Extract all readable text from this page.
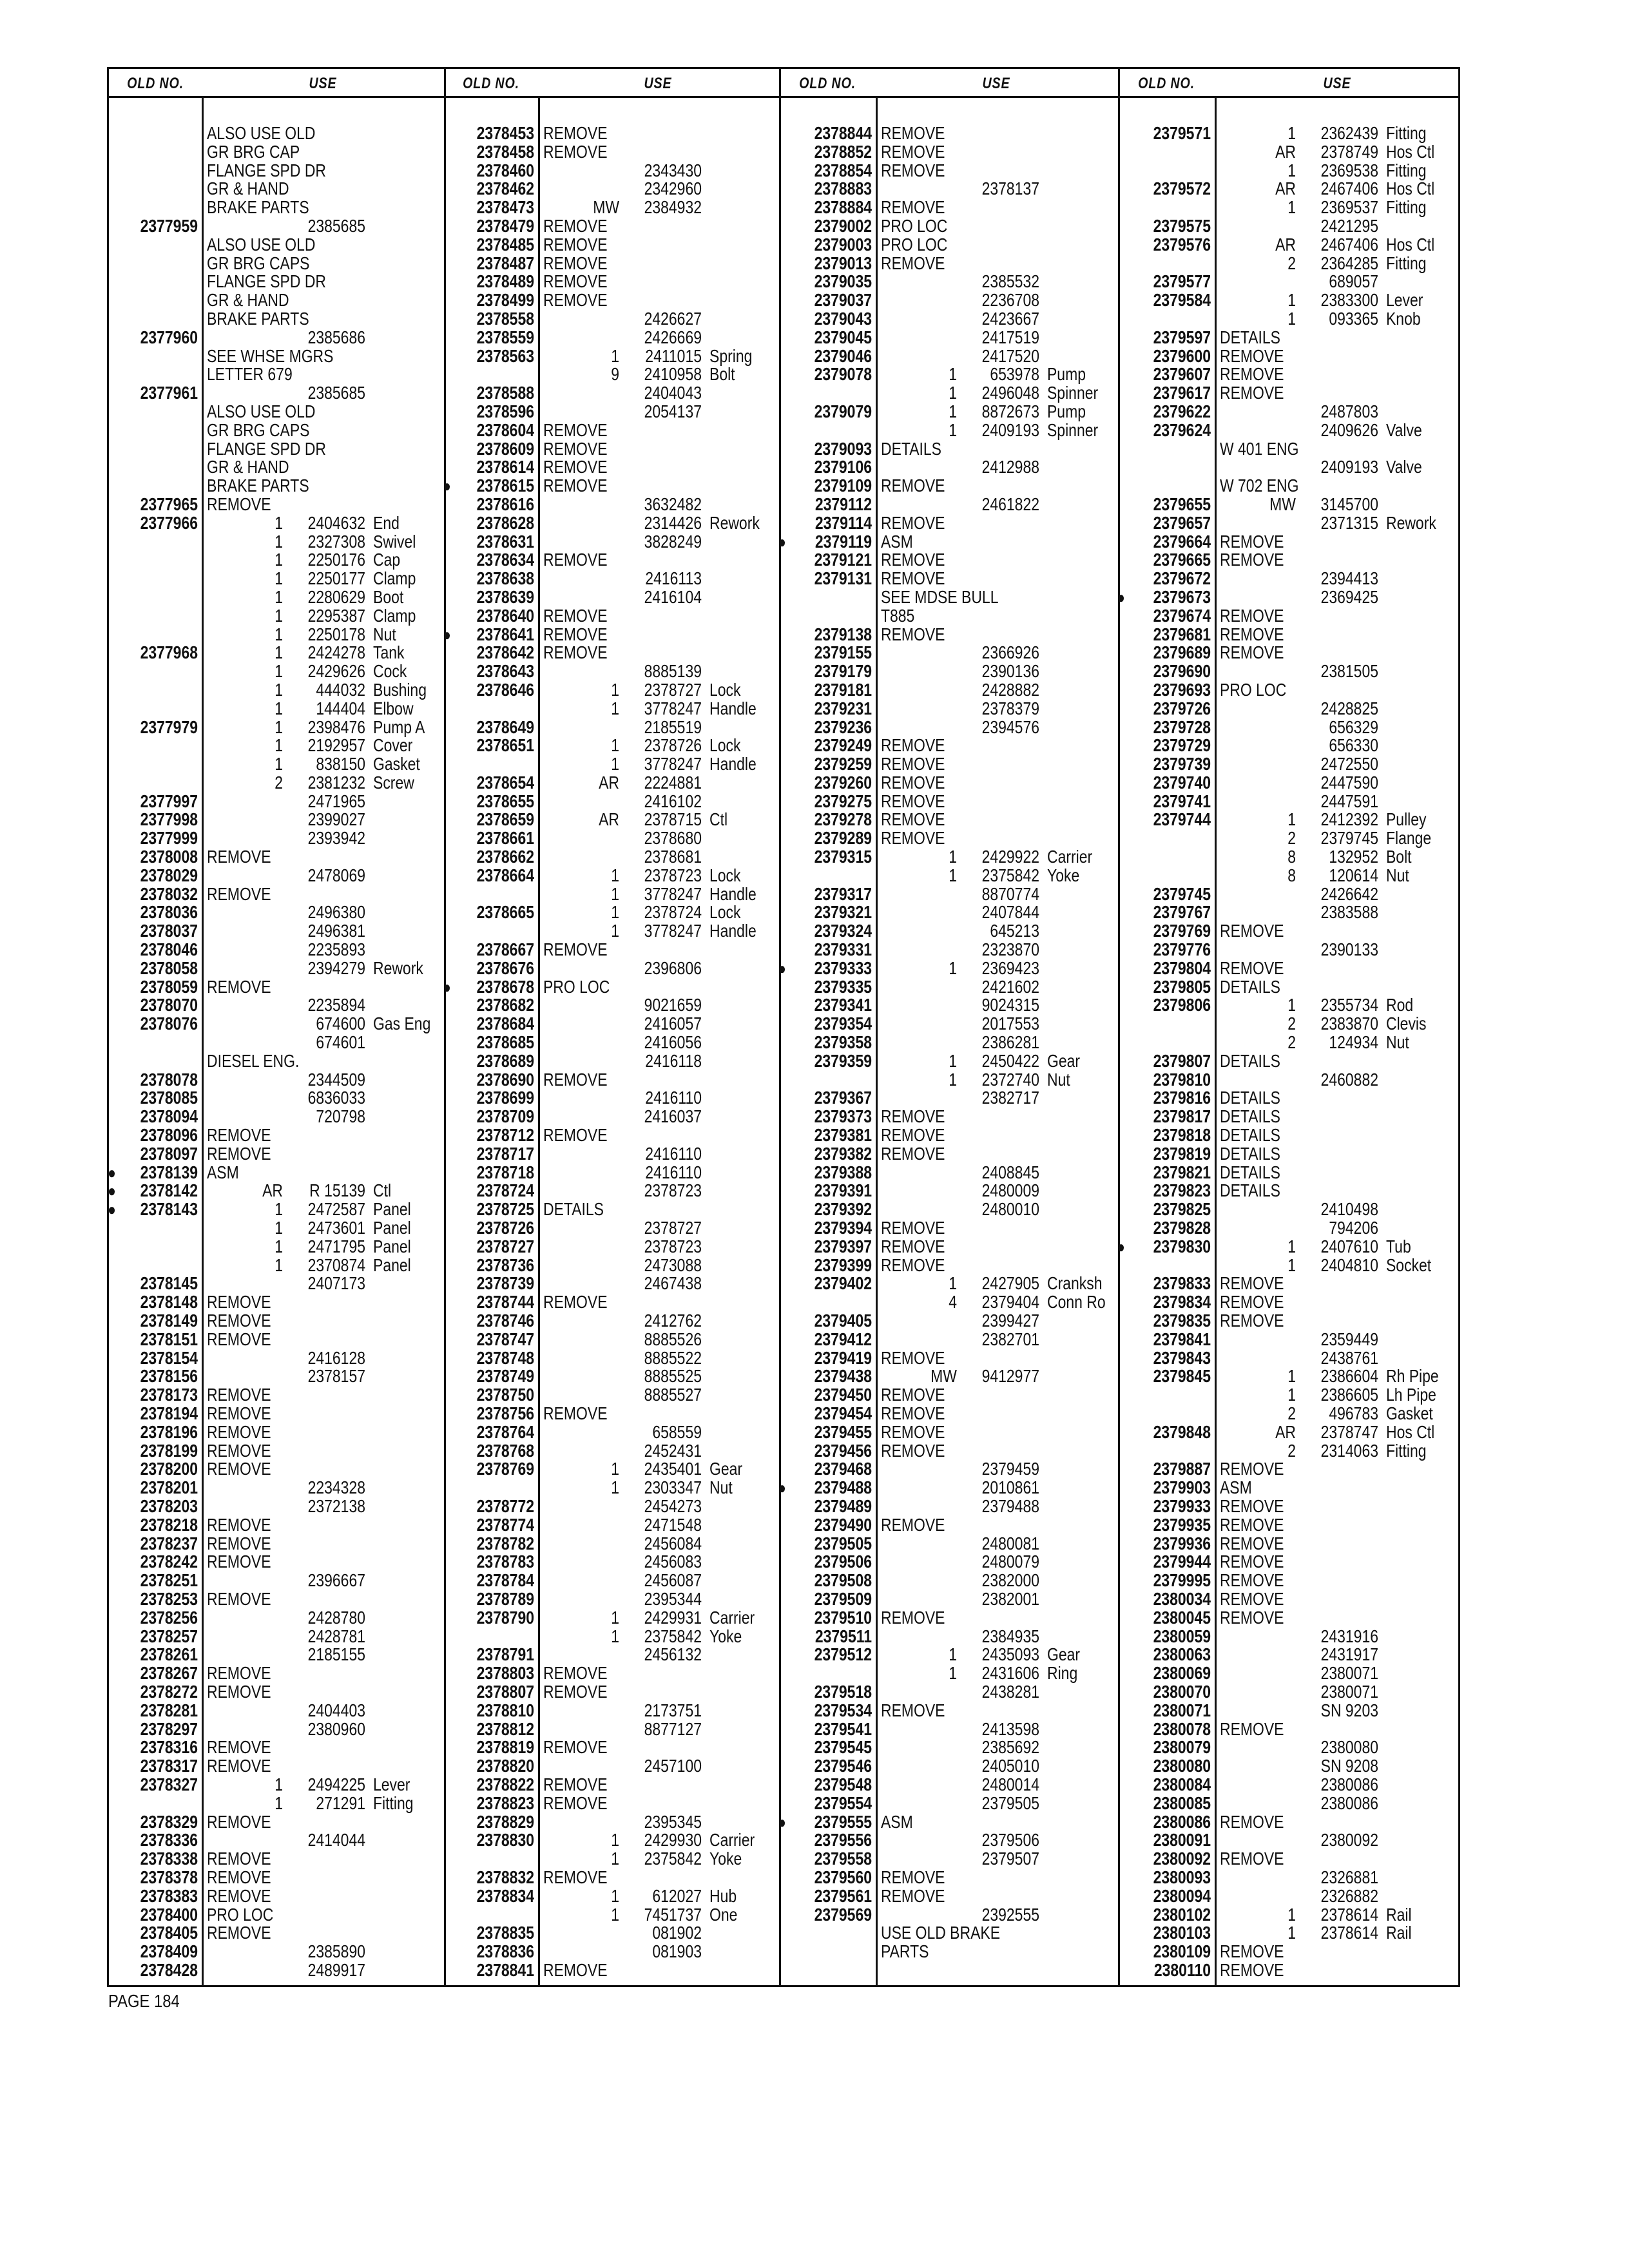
OLD NO.	USE	OLD NO.	USE	OLD NO.	USE	OLD NO.	USE
ALSO USE OLD
GR BRG CAP
FLANGE SPD DR
GR & HAND
BRAKE PARTS
2377959	2385685
ALSO USE OLD
GR BRG CAPS
FLANGE SPD DR
GR & HAND
BRAKE PARTS
2377960	2385686
SEE WHSE MGRS
LETTER 679
2377961	2385685
ALSO USE OLD
GR BRG CAPS
FLANGE SPD DR
GR & HAND
BRAKE PARTS
2377965 REMOVE
2377966	1	2404632 End
1	2327308 Swivel
1	2250176 Cap
1	2250177 Clamp
1	2280629 Boot
1	2295387 Clamp
1	2250178 Nut
2377968	1	2424278 Tank
1	2429626 Cock
1	444032 Bushing
1	144404 Elbow
2377979	1	2398476 Pump A
1	2192957 Cover
1	838150 Gasket
2	2381232 Screw
2377997	2471965
2377998	2399027
2377999	2393942
2378008 REMOVE
2378029	2478069
2378032 REMOVE
2378036	2496380
2378037	2496381
2378046	2235893
2378058	2394279 Rework
2378059 REMOVE
2378070	2235894
2378076	674600 Gas Eng
674601
DIESEL ENG.
2378078	2344509
2378085	6836033
2378094	720798
2378096 REMOVE
2378097 REMOVE
●	2378139 ASM
●	2378142	AR	R 15139 Ctl
●	2378143	1	2472587 Panel
1	2473601 Panel
1	2471795 Panel
1	2370874 Panel
2378145	2407173
2378148 REMOVE
2378149 REMOVE
2378151 REMOVE
2378154	2416128
2378156	2378157
2378173 REMOVE
2378194 REMOVE
2378196 REMOVE
2378199 REMOVE
2378200 REMOVE
2378201	2234328
2378203	2372138
2378218 REMOVE
2378237 REMOVE
2378242 REMOVE
2378251	2396667
2378253 REMOVE
2378256	2428780
2378257	2428781
2378261	2185155
2378267 REMOVE
2378272 REMOVE
2378281	2404403
2378297	2380960
2378316 REMOVE
2378317 REMOVE
2378327	1	2494225 Lever
1	271291 Fitting
2378329 REMOVE
2378336	2414044
2378338 REMOVE
2378378 REMOVE
2378383 REMOVE
2378400 PRO LOC
2378405 REMOVE
2378409	2385890
2378428	2489917
2378453 REMOVE
2378458 REMOVE
2378460	2343430
2378462	2342960
2378473	MW	2384932
2378479 REMOVE
2378485 REMOVE
2378487 REMOVE
2378489 REMOVE
2378499 REMOVE
2378558	2426627
2378559	2426669
2378563	1	2411015 Spring
9	2410958 Bolt
2378588	2404043
2378596	2054137
2378604 REMOVE
2378609 REMOVE
2378614 REMOVE
●	2378615 REMOVE
2378616	3632482
2378628	2314426 Rework
2378631	3828249
2378634 REMOVE
2378638	2416113
2378639	2416104
2378640 REMOVE
●	2378641 REMOVE
2378642 REMOVE
2378643	8885139
2378646	1	2378727 Lock
1	3778247 Handle
2378649	2185519
2378651	1	2378726 Lock
1	3778247 Handle
2378654	AR	2224881
2378655	2416102
2378659	AR	2378715 Ctl
2378661	2378680
2378662	2378681
2378664	1	2378723 Lock
1	3778247 Handle
2378665	1	2378724 Lock
1	3778247 Handle
2378667 REMOVE
2378676	2396806
●	2378678 PRO LOC
2378682	9021659
2378684	2416057
2378685	2416056
2378689	2416118
2378690 REMOVE
2378699	2416110
2378709	2416037
2378712 REMOVE
2378717	2416110
2378718	2416110
2378724	2378723
2378725 DETAILS
2378726	2378727
2378727	2378723
2378736	2473088
2378739	2467438
2378744 REMOVE
2378746	2412762
2378747	8885526
2378748	8885522
2378749	8885525
2378750	8885527
2378756 REMOVE
2378764	658559
2378768	2452431
2378769	1	2435401 Gear
1	2303347 Nut
2378772	2454273
2378774	2471548
2378782	2456084
2378783	2456083
2378784	2456087
2378789	2395344
2378790	1	2429931 Carrier
1	2375842 Yoke
2378791	2456132
2378803 REMOVE
2378807 REMOVE
2378810	2173751
2378812	8877127
2378819 REMOVE
2378820	2457100
2378822 REMOVE
2378823 REMOVE
2378829	2395345
2378830	1	2429930 Carrier
1	2375842 Yoke
2378832 REMOVE
2378834	1	612027 Hub
1	7451737 One
2378835	081902
2378836	081903
2378841 REMOVE
2378844 REMOVE
2378852 REMOVE
2378854 REMOVE
2378883	2378137
2378884 REMOVE
2379002 PRO LOC
2379003 PRO LOC
2379013 REMOVE
2379035	2385532
2379037	2236708
2379043	2423667
2379045	2417519
2379046	2417520
2379078	1	653978 Pump
1	2496048 Spinner
2379079	1	8872673 Pump
1	2409193 Spinner
2379093 DETAILS
2379106	2412988
2379109 REMOVE
2379112	2461822
2379114 REMOVE
●	2379119 ASM
2379121 REMOVE
2379131 REMOVE
SEE MDSE BULL
T885
2379138 REMOVE
2379155	2366926
2379179	2390136
2379181	2428882
2379231	2378379
2379236	2394576
2379249 REMOVE
2379259 REMOVE
2379260 REMOVE
2379275 REMOVE
2379278 REMOVE
2379289 REMOVE
2379315	1	2429922 Carrier
1	2375842 Yoke
2379317	8870774
2379321	2407844
2379324	645213
2379331	2323870
●	2379333	1	2369423
2379335	2421602
2379341	9024315
2379354	2017553
2379358	2386281
2379359	1	2450422 Gear
1	2372740 Nut
2379367	2382717
2379373 REMOVE
2379381 REMOVE
2379382 REMOVE
2379388	2408845
2379391	2480009
2379392	2480010
2379394 REMOVE
2379397 REMOVE
2379399 REMOVE
2379402	1	2427905 Cranksh
4	2379404 Conn Ro
2379405	2399427
2379412	2382701
2379419 REMOVE
2379438	MW	9412977
2379450 REMOVE
2379454 REMOVE
2379455 REMOVE
2379456 REMOVE
2379468	2379459
●	2379488	2010861
2379489	2379488
2379490 REMOVE
2379505	2480081
2379506	2480079
2379508	2382000
2379509	2382001
2379510 REMOVE
2379511	2384935
2379512	1	2435093 Gear
1	2431606 Ring
2379518	2438281
2379534 REMOVE
2379541	2413598
2379545	2385692
2379546	2405010
2379548	2480014
2379554	2379505
●	2379555 ASM
2379556	2379506
2379558	2379507
2379560 REMOVE
2379561 REMOVE
2379569	2392555
USE OLD BRAKE
PARTS
2379571	1	2362439 Fitting
AR	2378749 Hos Ctl
1	2369538 Fitting
2379572	AR	2467406 Hos Ctl
1	2369537 Fitting
2379575	2421295
2379576	AR	2467406 Hos Ctl
2	2364285 Fitting
2379577	689057
2379584	1	2383300 Lever
1	093365 Knob
2379597 DETAILS
2379600 REMOVE
2379607 REMOVE
2379617 REMOVE
2379622	2487803
2379624	2409626 Valve
W 401 ENG
2409193 Valve
W 702 ENG
2379655	MW	3145700
2379657	2371315 Rework
2379664 REMOVE
2379665 REMOVE
2379672	2394413
●	2379673	2369425
2379674 REMOVE
2379681 REMOVE
2379689 REMOVE
2379690	2381505
2379693 PRO LOC
2379726	2428825
2379728	656329
2379729	656330
2379739	2472550
2379740	2447590
2379741	2447591
2379744	1	2412392 Pulley
2	2379745 Flange
8	132952 Bolt
8	120614 Nut
2379745	2426642
2379767	2383588
2379769 REMOVE
2379776	2390133
2379804 REMOVE
2379805 DETAILS
2379806	1	2355734 Rod
2	2383870 Clevis
2	124934 Nut
2379807 DETAILS
2379810	2460882
2379816 DETAILS
2379817 DETAILS
2379818 DETAILS
2379819 DETAILS
2379821 DETAILS
2379823 DETAILS
2379825	2410498
2379828	794206
●	2379830	1	2407610 Tub
1	2404810 Socket
2379833 REMOVE
2379834 REMOVE
2379835 REMOVE
2379841	2359449
2379843	2438761
2379845	1	2386604 Rh Pipe
1	2386605 Lh Pipe
2	496783 Gasket
2379848	AR	2378747 Hos Ctl
2	2314063 Fitting
2379887 REMOVE
2379903 ASM
2379933 REMOVE
2379935 REMOVE
2379936 REMOVE
2379944 REMOVE
2379995 REMOVE
2380034 REMOVE
2380045 REMOVE
2380059	2431916
2380063	2431917
2380069	2380071
2380070	2380071
2380071	SN 9203
2380078 REMOVE
2380079	2380080
2380080	SN 9208
2380084	2380086
2380085	2380086
2380086 REMOVE
2380091	2380092
2380092 REMOVE
2380093	2326881
2380094	2326882
2380102	1	2378614 Rail
2380103	1	2378614 Rail
2380109 REMOVE
2380110 REMOVE
PAGE 184
